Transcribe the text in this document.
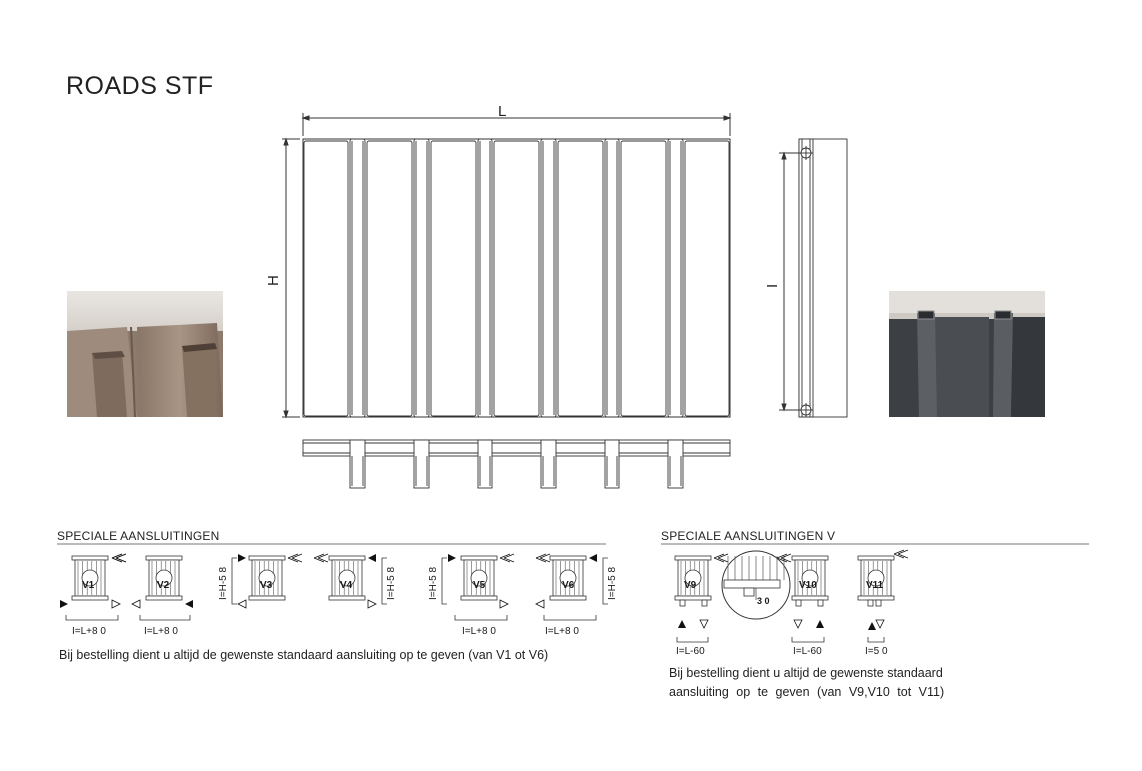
ROADS STF
L
H	I
SPECIALE AANSLUITINGEN	SPECIALE AANSLUITINGEN V
V1	V2	V3	V4	V5	V6
I=L+8 0	I=L+8 0
I=H-5 8	I=H-5 8	I=H-5 8
I=L+8 0
I=H-5 8
I=L+8 0
V9	V10	V11
I=L-60	I=L-60	I=5 0
3 0
Bij bestelling dient u altijd de gewenste standaard aansluiting op te geven (van V1 ot V6)
Bij bestelling dient u altijd de gewenste standaard
aansluiting op te geven (van V9,V10 tot V11)
